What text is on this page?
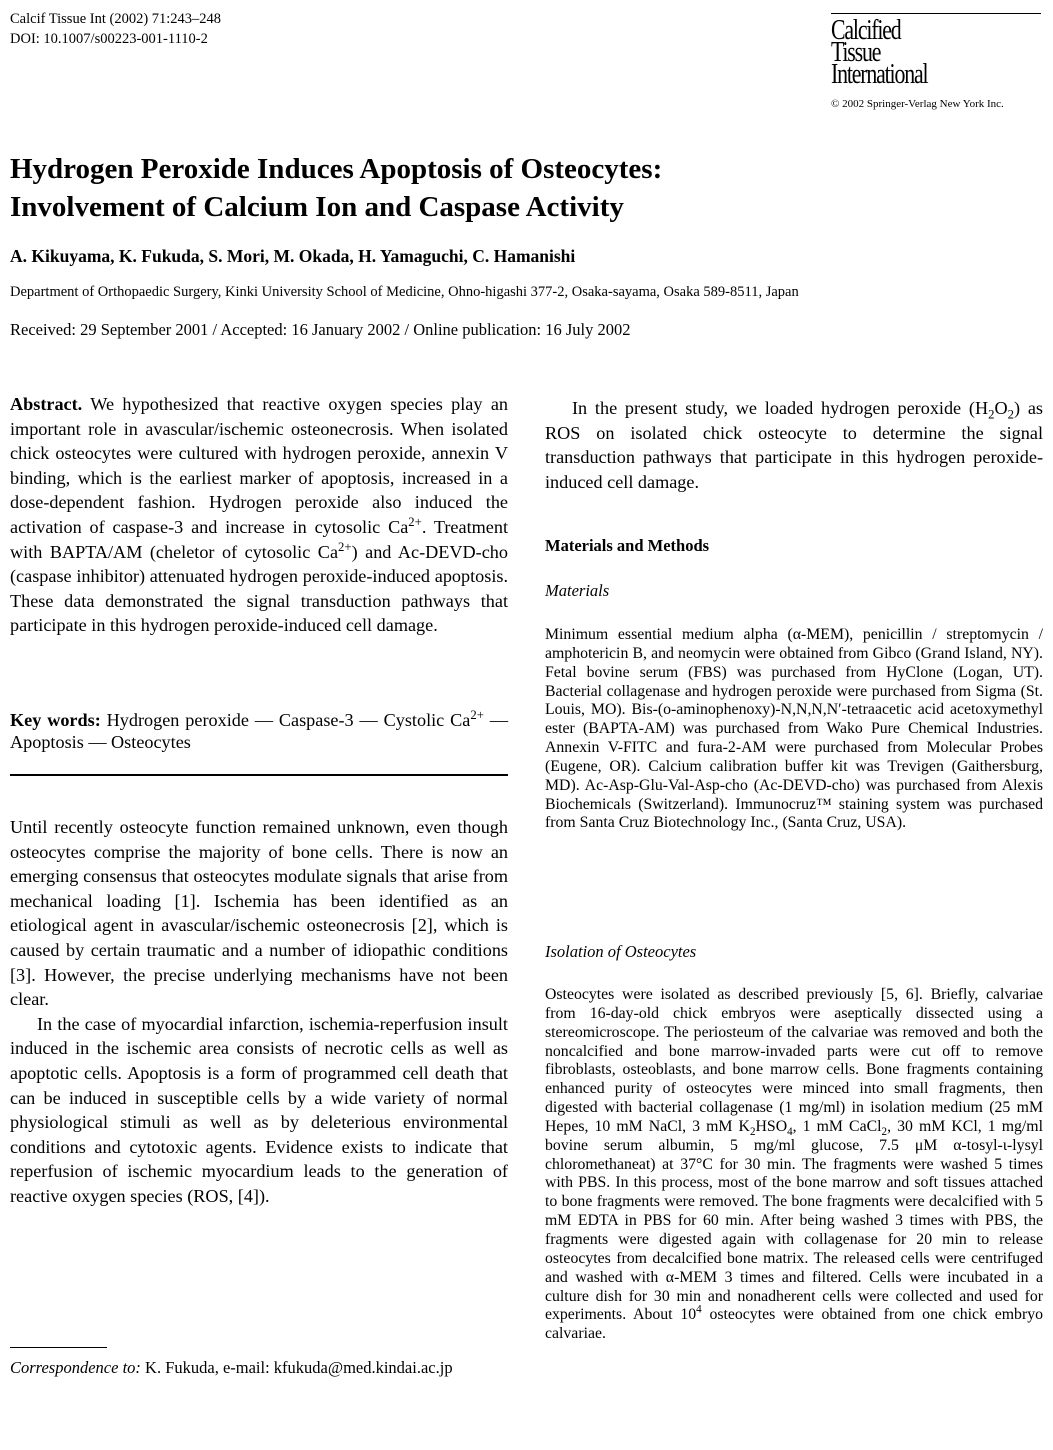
Calcif Tissue Int (2002) 71:243–248
DOI: 10.1007/s00223-001-1110-2	Calcified
Tissue
International
© 2002 Springer-Verlag New York Inc.
Hydrogen Peroxide Induces Apoptosis of Osteocytes:
Involvement of Calcium Ion and Caspase Activity
A. Kikuyama, K. Fukuda, S. Mori, M. Okada, H. Yamaguchi, C. Hamanishi
Department of Orthopaedic Surgery, Kinki University School of Medicine, Ohno-higashi 377-2, Osaka-sayama, Osaka 589-8511, Japan
Received: 29 September 2001 / Accepted: 16 January 2002 / Online publication: 16 July 2002

Abstract. We hypothesized that reactive oxygen species play an important role in avascular/ischemic osteonecrosis. When isolated chick osteocytes were cultured with hydrogen peroxide, annexin V binding, which is the earliest marker of apoptosis, increased in a dose-dependent fashion. Hydrogen peroxide also induced the activation of caspase-3 and increase in cytosolic $Ca^{2+}$. Treatment with BAPTA/AM (cheletor of cytosolic $Ca^{2+}$) and Ac-DEVD-cho (caspase inhibitor) attenuated hydrogen peroxide-induced apoptosis. These data demonstrated the signal transduction pathways that participate in this hydrogen peroxide-induced cell damage.

Key words: Hydrogen peroxide — Caspase-3 — Cystolic $Ca^{2+}$ — Apoptosis — Osteocytes

Until recently osteocyte function remained unknown, even though osteocytes comprise the majority of bone cells. There is now an emerging consensus that osteocytes modulate signals that arise from mechanical loading [1]. Ischemia has been identified as an etiological agent in avascular/ischemic osteonecrosis [2], which is caused by certain traumatic and a number of idiopathic conditions [3]. However, the precise underlying mechanisms have not been clear.

In the case of myocardial infarction, ischemia-reperfusion insult induced in the ischemic area consists of necrotic cells as well as apoptotic cells. Apoptosis is a form of programmed cell death that can be induced in susceptible cells by a wide variety of normal physiological stimuli as well as by deleterious environmental conditions and cytotoxic agents. Evidence exists to indicate that reperfusion of ischemic myocardium leads to the generation of reactive oxygen species (ROS, [4]).

Correspondence to: K. Fukuda, e-mail: kfukuda@med.kindai.ac.jp
In the present study, we loaded hydrogen peroxide $(H_2O_2)$ as ROS on isolated chick osteocyte to determine the signal transduction pathways that participate in this hydrogen peroxide-induced cell damage.
Materials and Methods
Materials
Minimum essential medium alpha (α-MEM), penicillin / streptomycin / amphotericin B, and neomycin were obtained from Gibco (Grand Island, NY). Fetal bovine serum (FBS) was purchased from HyClone (Logan, UT). Bacterial collagenase and hydrogen peroxide were purchased from Sigma (St. Louis, MO). Bis-(o-aminophenoxy)-N,N,N,N′-tetraacetic acid acetoxymethyl ester (BAPTA-AM) was purchased from Wako Pure Chemical Industries. Annexin V-FITC and fura-2-AM were purchased from Molecular Probes (Eugene, OR). Calcium calibration buffer kit was Trevigen (Gaithersburg, MD). Ac-Asp-Glu-Val-Asp-cho (Ac-DEVD-cho) was purchased from Alexis Biochemicals (Switzerland). Immunocruz™ staining system was purchased from Santa Cruz Biotechnology Inc., (Santa Cruz, USA).
Isolation of Osteocytes
Osteocytes were isolated as described previously [5, 6]. Briefly, calvariae from 16-day-old chick embryos were aseptically dissected using a stereomicroscope. The periosteum of the calvariae was removed and both the noncalcified and bone marrow-invaded parts were cut off to remove fibroblasts, osteoblasts, and bone marrow cells. Bone fragments containing enhanced purity of osteocytes were minced into small fragments, then digested with bacterial collagenase (1 mg/ml) in isolation medium (25 mM Hepes, 10 mM NaCl, 3 mM $K_2HSO_4$, 1 mM CaCl$_2$, 30 mM KCl, 1 mg/ml bovine serum albumin, 5 mg/ml glucose, 7.5 μM α-tosyl-ι-lysyl chloromethaneat) at 37°C for 30 min. The fragments were washed 5 times with PBS. In this process, most of the bone marrow and soft tissues attached to bone fragments were removed. The bone fragments were decalcified with 5 mM EDTA in PBS for 60 min. After being washed 3 times with PBS, the fragments were digested again with collagenase for 20 min to release osteocytes from decalcified bone matrix. The released cells were centrifuged and washed with α-MEM 3 times and filtered. Cells were incubated in a culture dish for 30 min and nonadherent cells were collected and used for experiments. About $10^4$ osteocytes were obtained from one chick embryo calvariae.
